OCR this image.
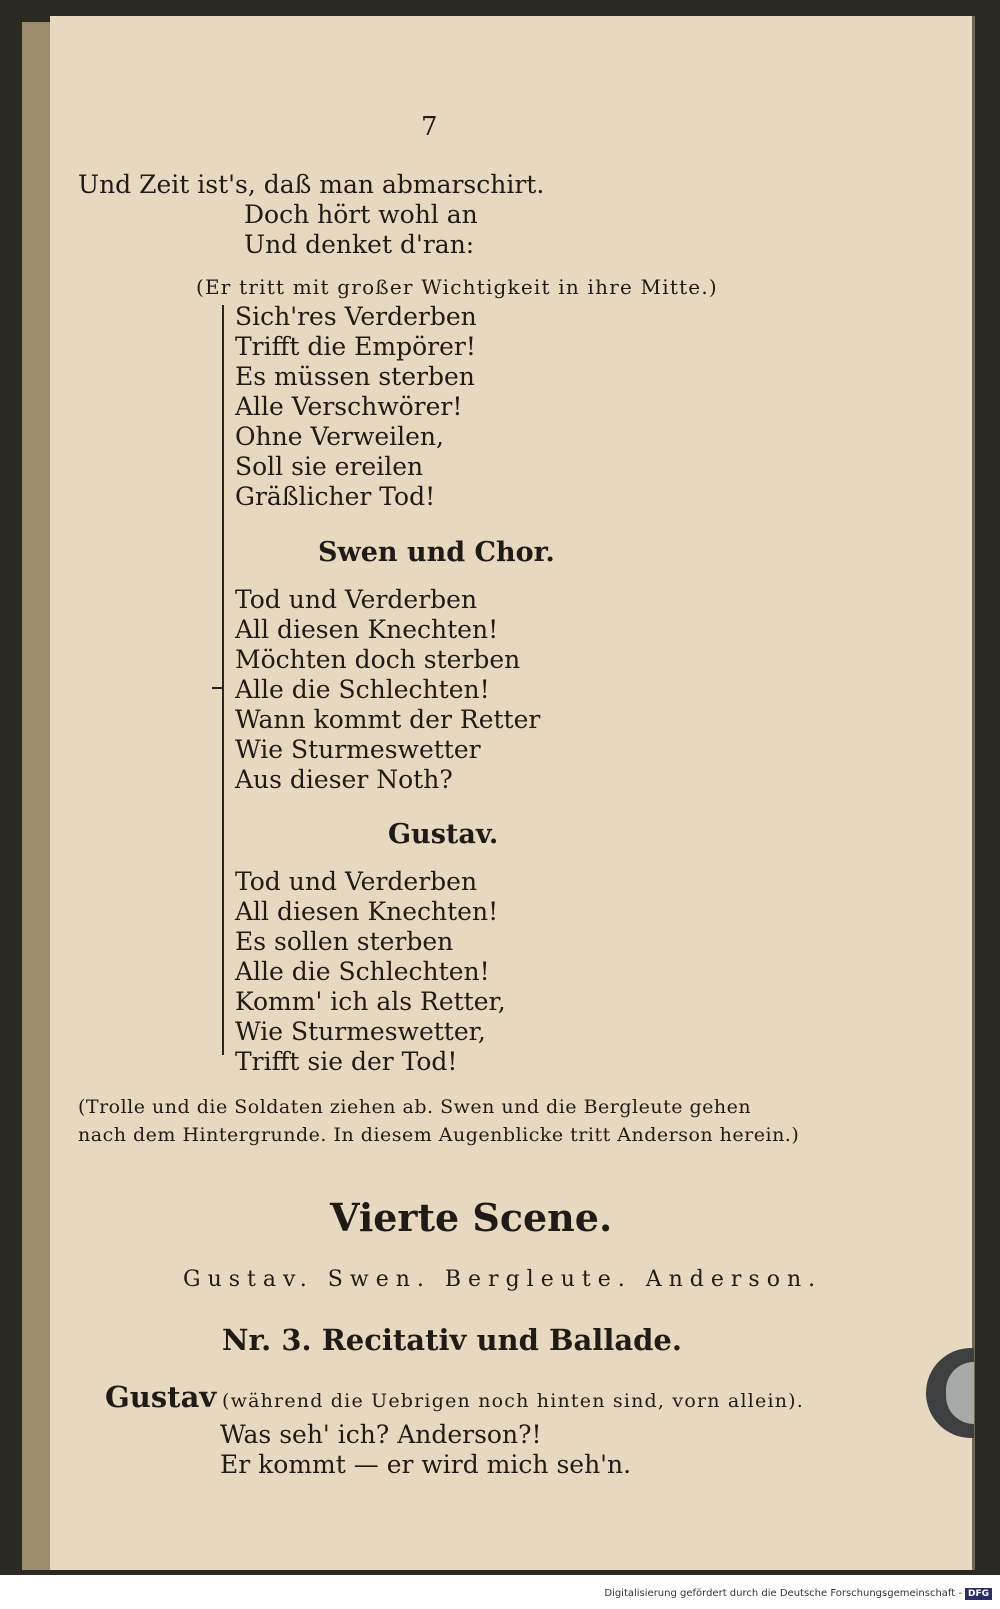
7
Und Zeit ist's, daß man abmarschirt.
Doch hört wohl an
Und denket d'ran:
(Er tritt mit großer Wichtigkeit in ihre Mitte.)
Sich'res Verderben
Trifft die Empörer!
Es müssen sterben
Alle Verschwörer!
Ohne Verweilen,
Soll sie ereilen
Gräßlicher Tod!
Swen und Chor.
Tod und Verderben
All diesen Knechten!
Möchten doch sterben
Alle die Schlechten!
Wann kommt der Retter
Wie Sturmeswetter
Aus dieser Noth?
Gustav.
Tod und Verderben
All diesen Knechten!
Es sollen sterben
Alle die Schlechten!
Komm' ich als Retter,
Wie Sturmeswetter,
Trifft sie der Tod!
(Trolle und die Soldaten ziehen ab. Swen und die Bergleute gehen
nach dem Hintergrunde. In diesem Augenblicke tritt Anderson herein.)
Vierte Scene.
Gustav. Swen. Bergleute. Anderson.
Nr. 3. Recitativ und Ballade.
Gustav (während die Uebrigen noch hinten sind, vorn allein).
Was seh' ich? Anderson?!
Er kommt — er wird mich seh'n.
Digitalisierung gefördert durch die Deutsche Forschungsgemeinschaft - DFG
